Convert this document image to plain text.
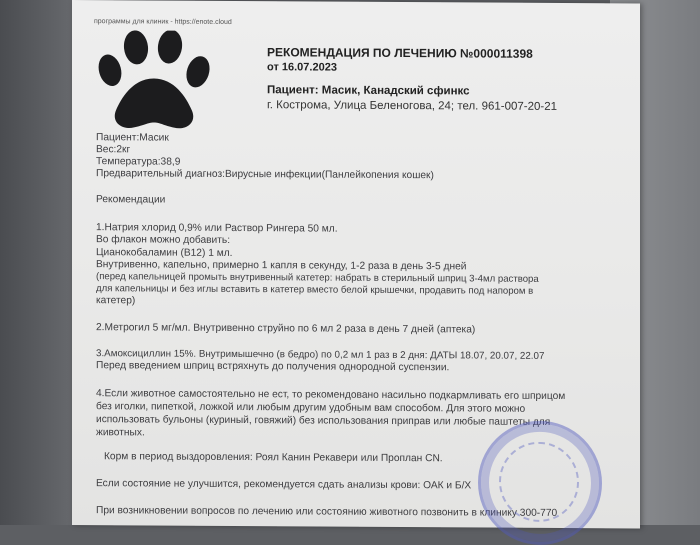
программы для клиник - https://enote.cloud
РЕКОМЕНДАЦИЯ ПО ЛЕЧЕНИЮ №000011398
от 16.07.2023
Пациент: Масик, Канадский сфинкс
г. Кострома, Улица Беленогова, 24; тел. 961-007-20-21
Пациент:Масик
Вес:2кг
Температура:38,9
Предварительный диагноз:Вирусные инфекции(Панлейкопения кошек)
Рекомендации
1.Натрия хлорид 0,9% или Раствор Рингера 50 мл.
Во флакон можно добавить:
Цианокобаламин (В12) 1 мл.
Внутривенно, капельно, примерно 1 капля в секунду, 1-2 раза в день 3-5 дней
(перед капельницей промыть внутривенный катетер: набрать в стерильный шприц 3-4мл раствора
для капельницы и без иглы вставить в катетер вместо белой крышечки, продавить под напором в
катетер)
2.Метрогил 5 мг/мл. Внутривенно струйно по 6 мл 2 раза в день 7 дней (аптека)
3.Амоксициллин 15%. Внутримышечно (в бедро) по 0,2 мл 1 раз в 2 дня: ДАТЫ 18.07, 20.07, 22.07
Перед введением шприц встряхнуть до получения однородной суспензии.
4.Если животное самостоятельно не ест, то рекомендовано насильно подкармливать его шприцом
без иголки, пипеткой, ложкой или любым другим удобным вам способом. Для этого можно
использовать бульоны (куриный, говяжий) без использования приправ или любые паштеты для
животных.
Корм в период выздоровления: Роял Канин Рекавери или Проплан CN.
Если состояние не улучшится, рекомендуется сдать анализы крови: ОАК и Б/Х
При возникновении вопросов по лечению или состоянию животного позвонить в клинику 300-770
